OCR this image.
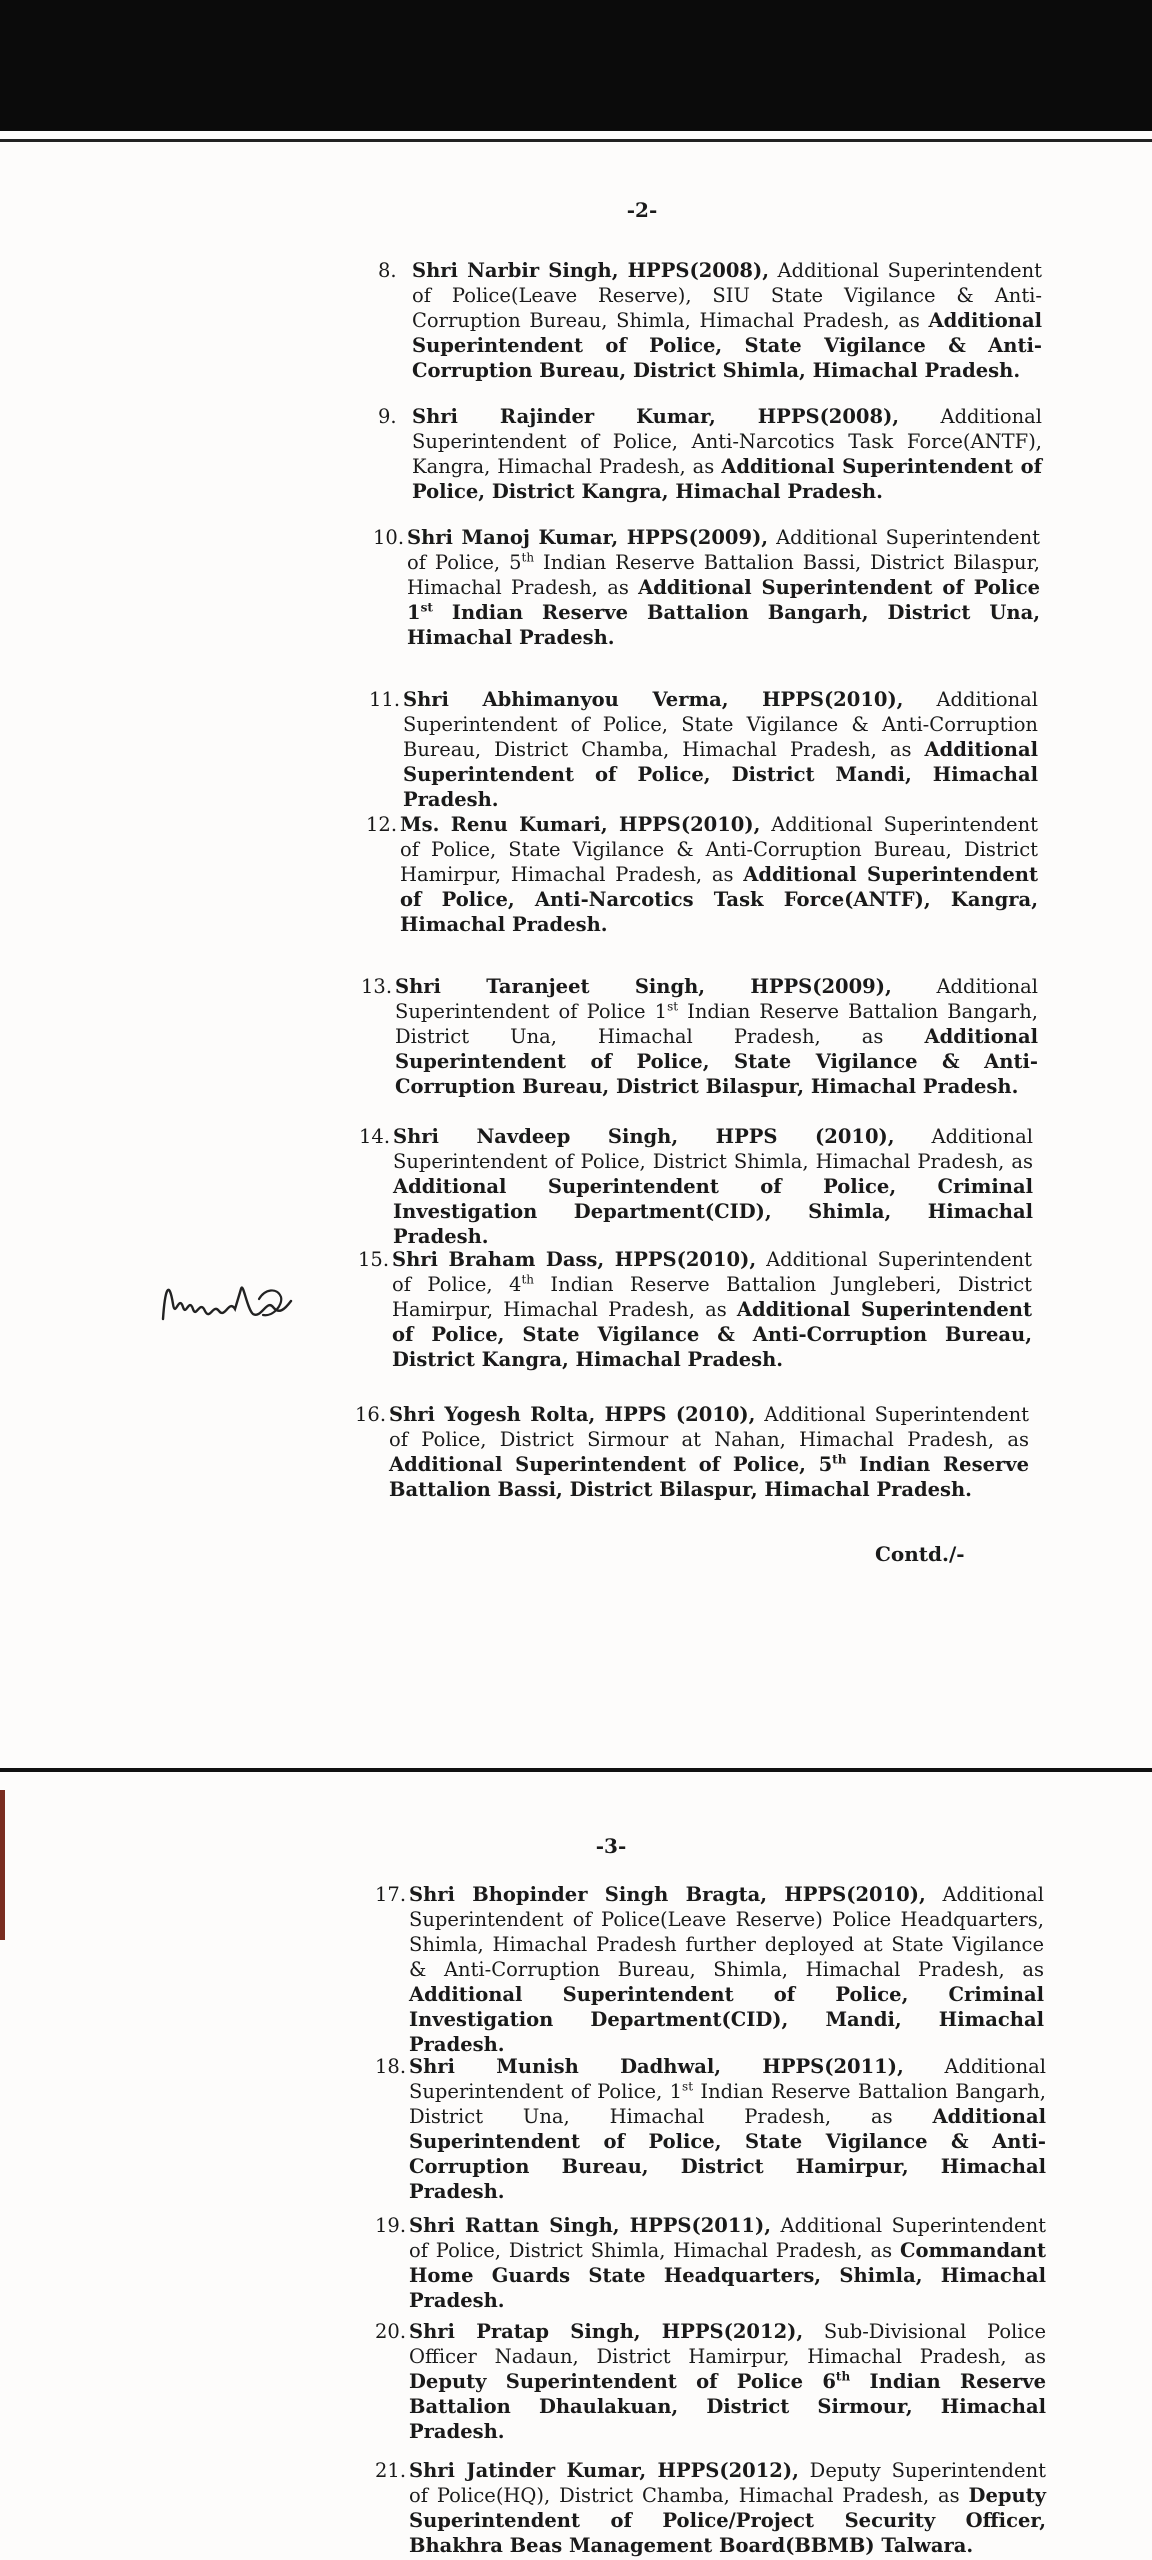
-2-
8. Shri Narbir Singh, HPPS(2008), Additional Superintendent of Police(Leave Reserve), SIU State Vigilance & Anti-Corruption Bureau, Shimla, Himachal Pradesh, as Additional Superintendent of Police, State Vigilance & Anti-Corruption Bureau, District Shimla, Himachal Pradesh.
9. Shri Rajinder Kumar, HPPS(2008), Additional Superintendent of Police, Anti-Narcotics Task Force(ANTF), Kangra, Himachal Pradesh, as Additional Superintendent of Police, District Kangra, Himachal Pradesh.
10. Shri Manoj Kumar, HPPS(2009), Additional Superintendent of Police, 5th Indian Reserve Battalion Bassi, District Bilaspur, Himachal Pradesh, as Additional Superintendent of Police 1st Indian Reserve Battalion Bangarh, District Una, Himachal Pradesh.
11. Shri Abhimanyou Verma, HPPS(2010), Additional Superintendent of Police, State Vigilance & Anti-Corruption Bureau, District Chamba, Himachal Pradesh, as Additional Superintendent of Police, District Mandi, Himachal Pradesh.
12. Ms. Renu Kumari, HPPS(2010), Additional Superintendent of Police, State Vigilance & Anti-Corruption Bureau, District Hamirpur, Himachal Pradesh, as Additional Superintendent of Police, Anti-Narcotics Task Force(ANTF), Kangra, Himachal Pradesh.
13. Shri Taranjeet Singh, HPPS(2009), Additional Superintendent of Police 1st Indian Reserve Battalion Bangarh, District Una, Himachal Pradesh, as Additional Superintendent of Police, State Vigilance & Anti-Corruption Bureau, District Bilaspur, Himachal Pradesh.
14. Shri Navdeep Singh, HPPS (2010), Additional Superintendent of Police, District Shimla, Himachal Pradesh, as Additional Superintendent of Police, Criminal Investigation Department(CID), Shimla, Himachal Pradesh.
15. Shri Braham Dass, HPPS(2010), Additional Superintendent of Police, 4th Indian Reserve Battalion Jungleberi, District Hamirpur, Himachal Pradesh, as Additional Superintendent of Police, State Vigilance & Anti-Corruption Bureau, District Kangra, Himachal Pradesh.
16. Shri Yogesh Rolta, HPPS (2010), Additional Superintendent of Police, District Sirmour at Nahan, Himachal Pradesh, as Additional Superintendent of Police, 5th Indian Reserve Battalion Bassi, District Bilaspur, Himachal Pradesh.
Contd./-
-3-
17. Shri Bhopinder Singh Bragta, HPPS(2010), Additional Superintendent of Police(Leave Reserve) Police Headquarters, Shimla, Himachal Pradesh further deployed at State Vigilance & Anti-Corruption Bureau, Shimla, Himachal Pradesh, as Additional Superintendent of Police, Criminal Investigation Department(CID), Mandi, Himachal Pradesh.
18. Shri Munish Dadhwal, HPPS(2011), Additional Superintendent of Police, 1st Indian Reserve Battalion Bangarh, District Una, Himachal Pradesh, as Additional Superintendent of Police, State Vigilance & Anti-Corruption Bureau, District Hamirpur, Himachal Pradesh.
19. Shri Rattan Singh, HPPS(2011), Additional Superintendent of Police, District Shimla, Himachal Pradesh, as Commandant Home Guards State Headquarters, Shimla, Himachal Pradesh.
20. Shri Pratap Singh, HPPS(2012), Sub-Divisional Police Officer Nadaun, District Hamirpur, Himachal Pradesh, as Deputy Superintendent of Police 6th Indian Reserve Battalion Dhaulakuan, District Sirmour, Himachal Pradesh.
21. Shri Jatinder Kumar, HPPS(2012), Deputy Superintendent of Police(HQ), District Chamba, Himachal Pradesh, as Deputy Superintendent of Police/Project Security Officer, Bhakhra Beas Management Board(BBMB) Talwara.
